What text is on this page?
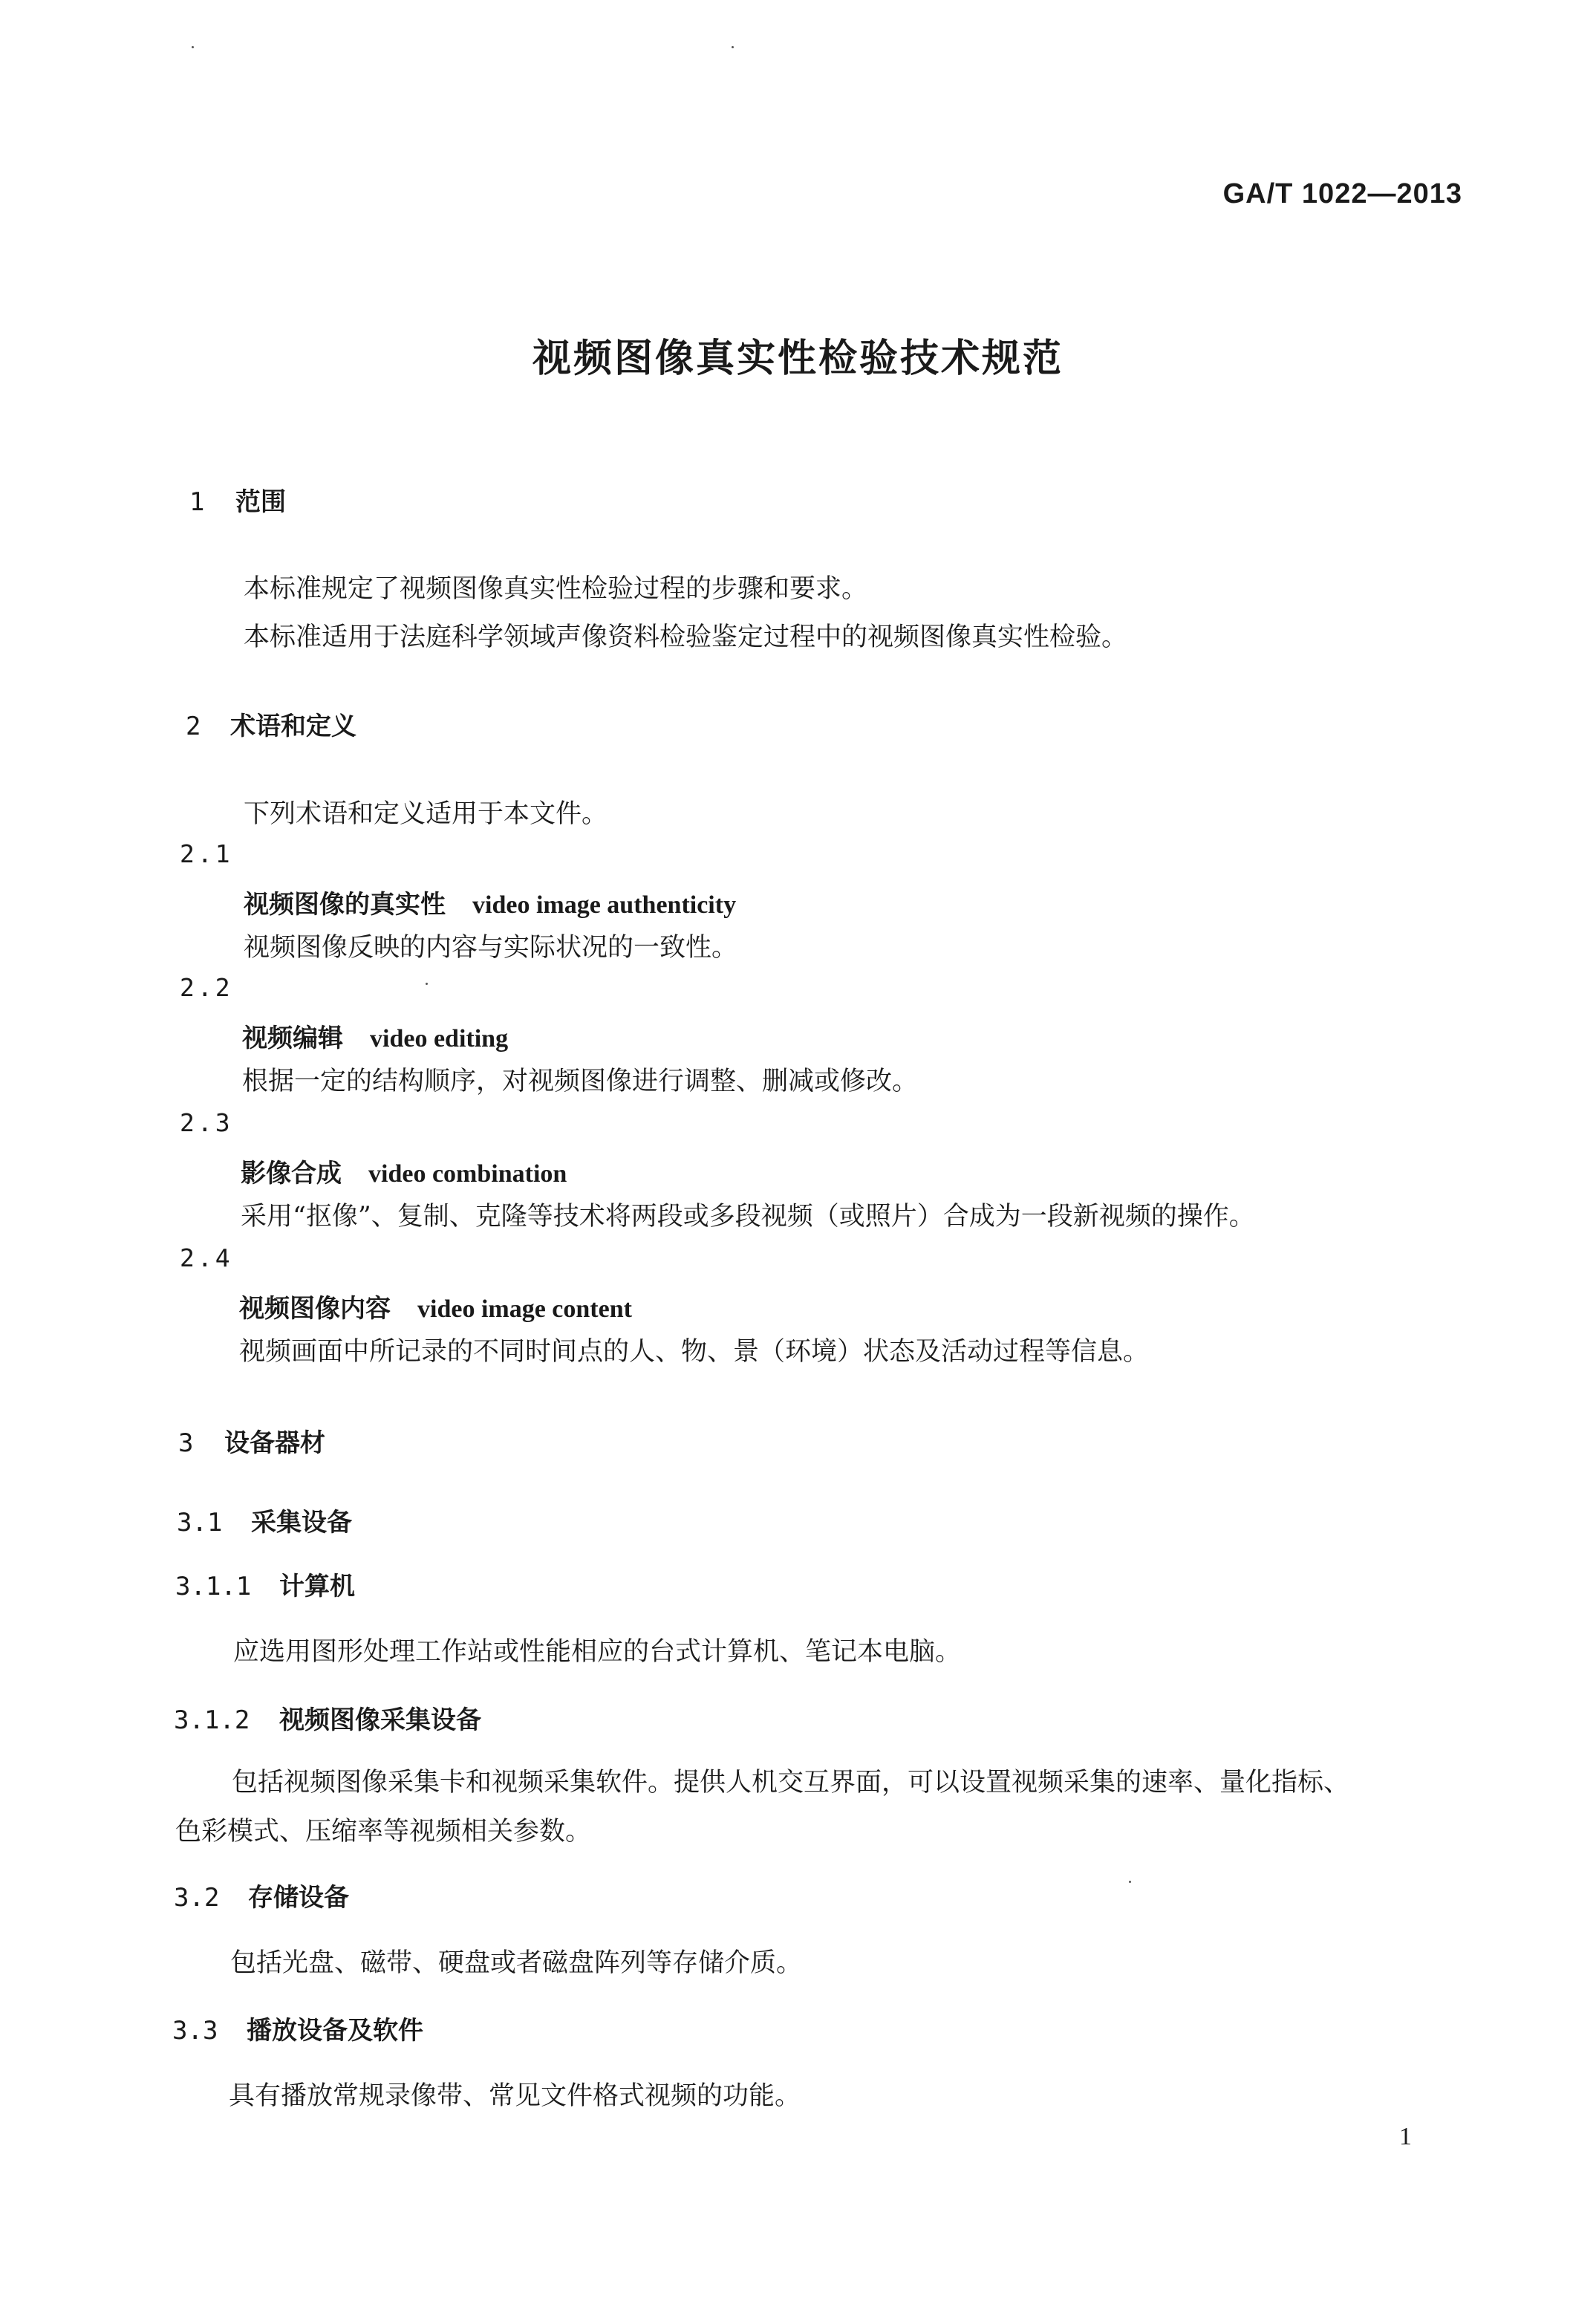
GA/T 1022—2013
视频图像真实性检验技术规范
1 范围
本标准规定了视频图像真实性检验过程的步骤和要求。
本标准适用于法庭科学领域声像资料检验鉴定过程中的视频图像真实性检验。
2 术语和定义
下列术语和定义适用于本文件。
2.1
视频图像的真实性 video image authenticity
视频图像反映的内容与实际状况的一致性。
2.2
视频编辑 video editing
根据一定的结构顺序，对视频图像进行调整、删减或修改。
2.3
影像合成 video combination
采用“抠像”、复制、克隆等技术将两段或多段视频（或照片）合成为一段新视频的操作。
2.4
视频图像内容 video image content
视频画面中所记录的不同时间点的人、物、景（环境）状态及活动过程等信息。
3 设备器材
3.1 采集设备
3.1.1 计算机
应选用图形处理工作站或性能相应的台式计算机、笔记本电脑。
3.1.2 视频图像采集设备
包括视频图像采集卡和视频采集软件。提供人机交互界面，可以设置视频采集的速率、量化指标、
色彩模式、压缩率等视频相关参数。
3.2 存储设备
包括光盘、磁带、硬盘或者磁盘阵列等存储介质。
3.3 播放设备及软件
具有播放常规录像带、常见文件格式视频的功能。
1
